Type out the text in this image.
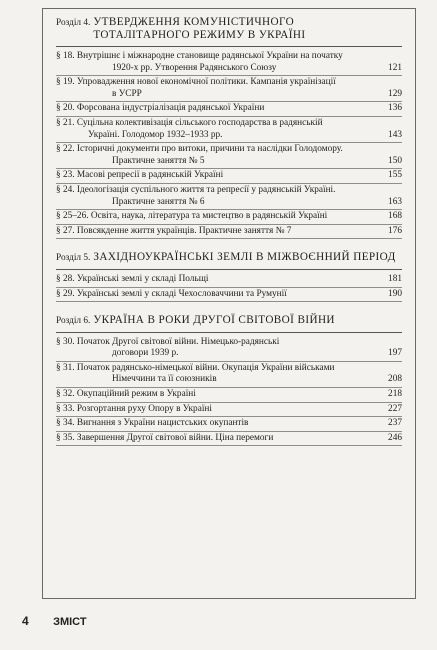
Розділ 4. УТВЕРДЖЕННЯ КОМУНІСТИЧНОГО ТОТАЛІТАРНОГО РЕЖИМУ В УКРАЇНІ
§ 18. Внутрішнє і міжнародне становище радянської України на початку
1920-х рр. Утворення Радянського Союзу	121
§ 19. Упровадження нової економічної політики. Кампанія українізації
в УСРР	129
§ 20. Форсована індустріалізація радянської України	136
§ 21. Суцільна колективізація сільського господарства в радянській
Україні. Голодомор 1932–1933 рр.	143
§ 22. Історичні документи про витоки, причини та наслідки Голодомору.
Практичне заняття № 5	150
§ 23. Масові репресії в радянській Україні	155
§ 24. Ідеологізація суспільного життя та репресії у радянській Україні.
Практичне заняття № 6	163
§ 25–26. Освіта, наука, література та мистецтво в радянській Україні	168
§ 27. Повсякденне життя українців. Практичне заняття № 7	176
Розділ 5. ЗАХІДНОУКРАЇНСЬКІ ЗЕМЛІ В МІЖВОЄННИЙ ПЕРІОД
§ 28. Українські землі у складі Польщі	181
§ 29. Українські землі у складі Чехословаччини та Румунії	190
Розділ 6. УКРАЇНА В РОКИ ДРУГОЇ СВІТОВОЇ ВІЙНИ
§ 30. Початок Другої світової війни. Німецько-радянські
договори 1939 р.	197
§ 31. Початок радянсько-німецької війни. Окупація України військами
Німеччини та її союзників	208
§ 32. Окупаційний режим в Україні	218
§ 33. Розгортання руху Опору в Україні	227
§ 34. Вигнання з України нацистських окупантів	237
§ 35. Завершення Другої світової війни. Ціна перемоги	246
4 ЗМІСТ
